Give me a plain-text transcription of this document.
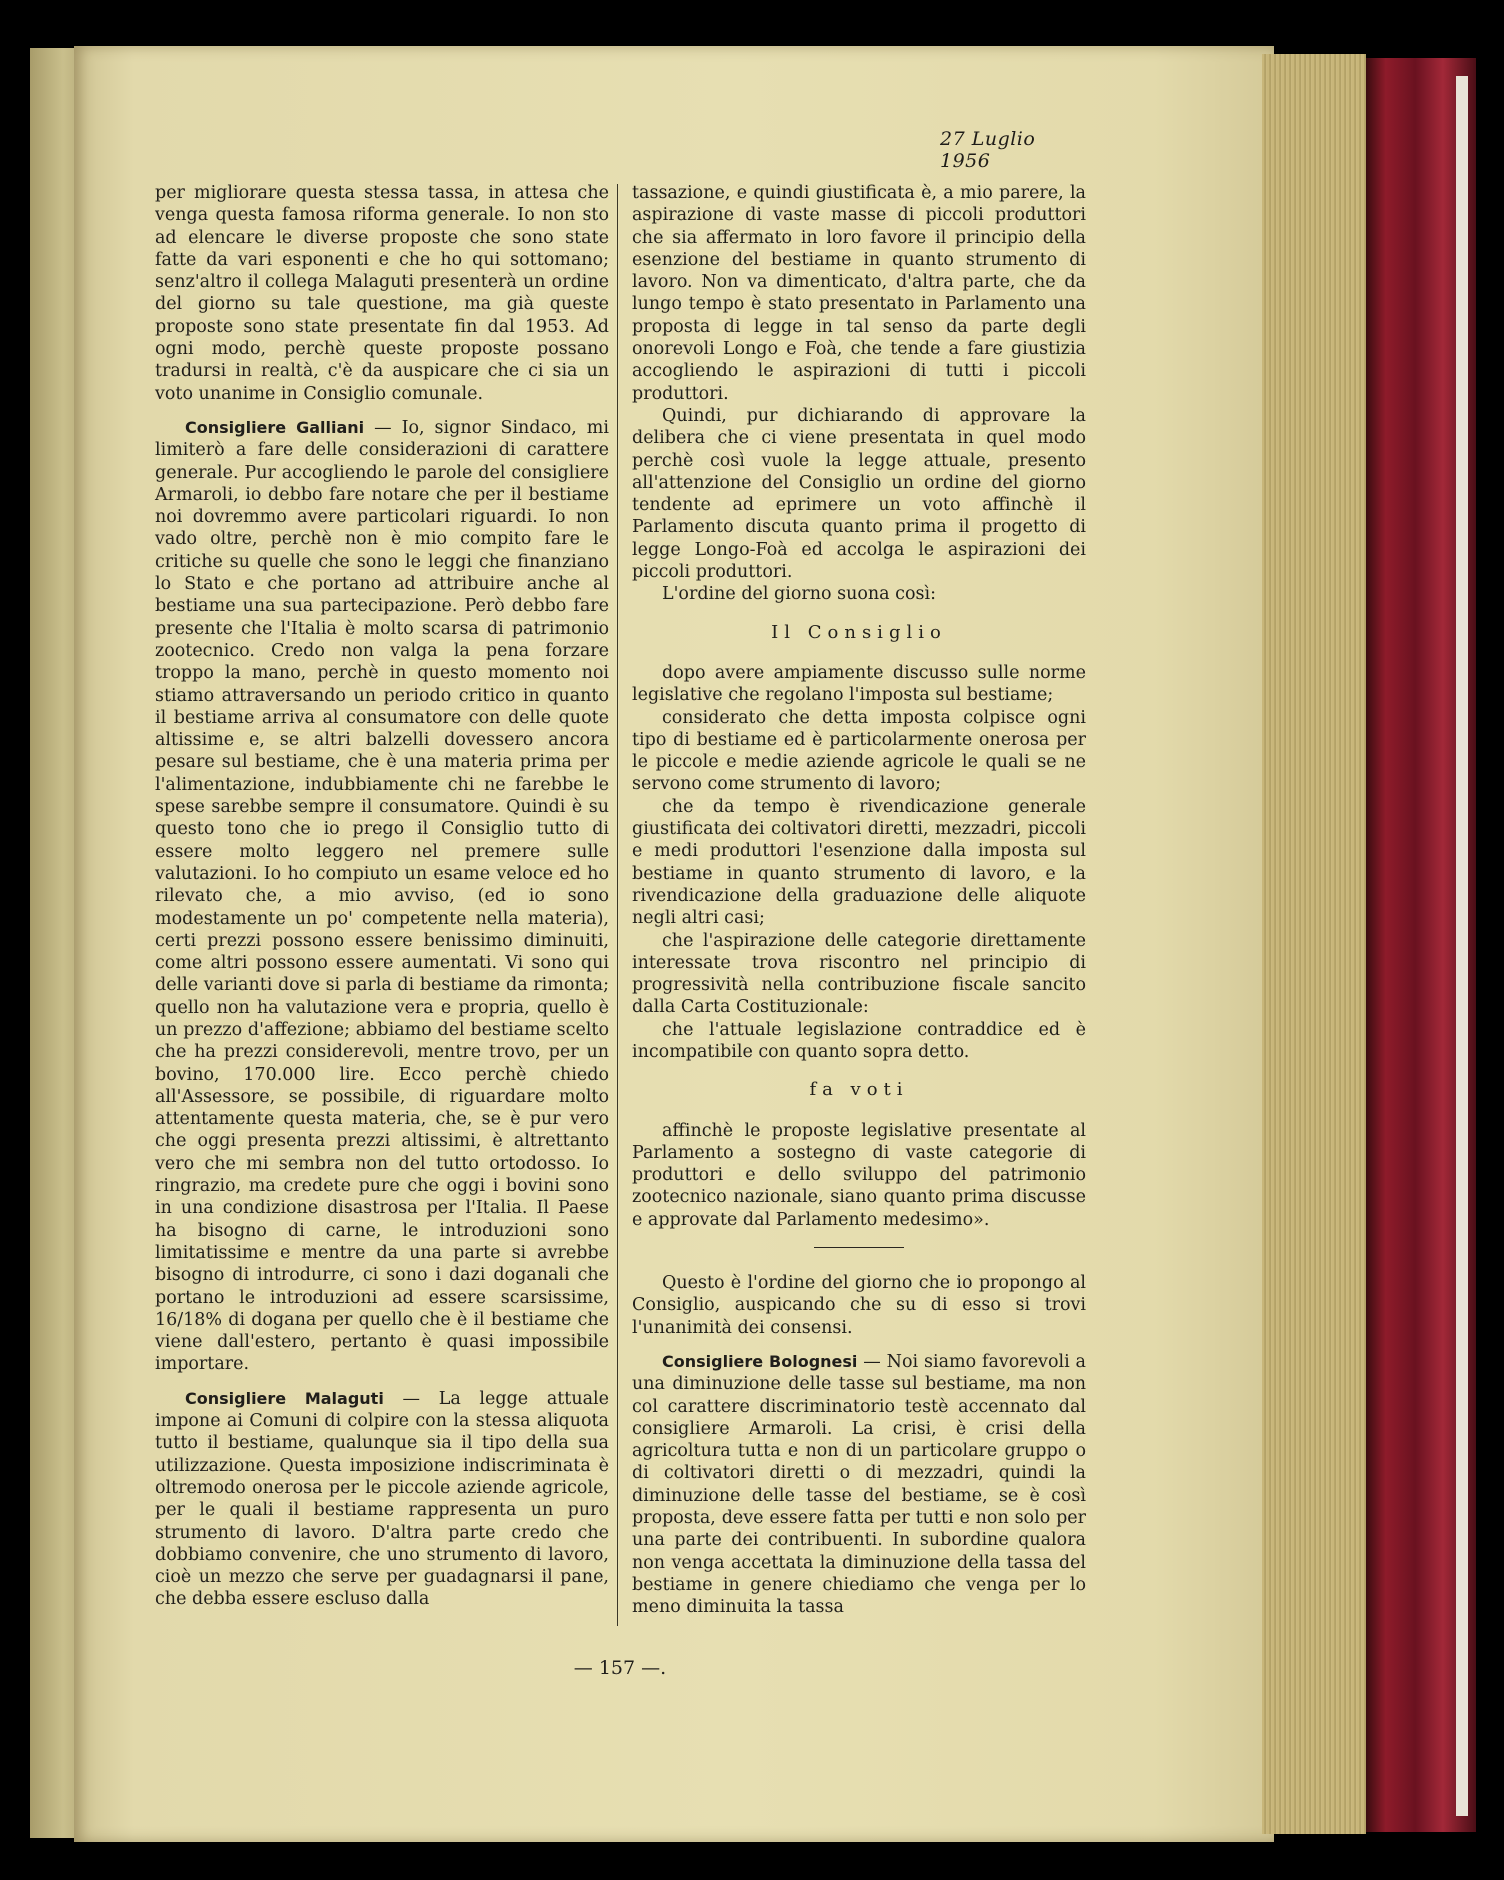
27 Luglio 1956

per migliorare questa stessa tassa, in attesa che venga questa famosa riforma generale. Io non sto ad elencare le diverse proposte che sono state fatte da vari esponenti e che ho qui sottomano; senz'altro il collega Malaguti presenterà un ordine del giorno su tale questione, ma già queste proposte sono state presentate fin dal 1953. Ad ogni modo, perchè queste proposte possano tradursi in realtà, c'è da auspicare che ci sia un voto unanime in Consiglio comunale.

Consigliere Galliani — Io, signor Sindaco, mi limiterò a fare delle considerazioni di carattere generale. Pur accogliendo le parole del consigliere Armaroli, io debbo fare notare che per il bestiame noi dovremmo avere particolari riguardi. Io non vado oltre, perchè non è mio compito fare le critiche su quelle che sono le leggi che finanziano lo Stato e che portano ad attribuire anche al bestiame una sua partecipazione. Però debbo fare presente che l'Italia è molto scarsa di patrimonio zootecnico. Credo non valga la pena forzare troppo la mano, perchè in questo momento noi stiamo attraversando un periodo critico in quanto il bestiame arriva al consumatore con delle quote altissime e, se altri balzelli dovessero ancora pesare sul bestiame, che è una materia prima per l'alimentazione, indubbiamente chi ne farebbe le spese sarebbe sempre il consumatore. Quindi è su questo tono che io prego il Consiglio tutto di essere molto leggero nel premere sulle valutazioni. Io ho compiuto un esame veloce ed ho rilevato che, a mio avviso, (ed io sono modestamente un po' competente nella materia), certi prezzi possono essere benissimo diminuiti, come altri possono essere aumentati. Vi sono qui delle varianti dove si parla di bestiame da rimonta; quello non ha valutazione vera e propria, quello è un prezzo d'affezione; abbiamo del bestiame scelto che ha prezzi considerevoli, mentre trovo, per un bovino, 170.000 lire. Ecco perchè chiedo all'Assessore, se possibile, di riguardare molto attentamente questa materia, che, se è pur vero che oggi presenta prezzi altissimi, è altrettanto vero che mi sembra non del tutto ortodosso. Io ringrazio, ma credete pure che oggi i bovini sono in una condizione disastrosa per l'Italia. Il Paese ha bisogno di carne, le introduzioni sono limitatissime e mentre da una parte si avrebbe bisogno di introdurre, ci sono i dazi doganali che portano le introduzioni ad essere scarsissime, 16/18% di dogana per quello che è il bestiame che viene dall'estero, pertanto è quasi impossibile importare.

Consigliere Malaguti — La legge attuale impone ai Comuni di colpire con la stessa aliquota tutto il bestiame, qualunque sia il tipo della sua utilizzazione. Questa imposizione indiscriminata è oltremodo onerosa per le piccole aziende agricole, per le quali il bestiame rappresenta un puro strumento di lavoro. D'altra parte credo che dobbiamo convenire, che uno strumento di lavoro, cioè un mezzo che serve per guadagnarsi il pane, che debba essere escluso dalla

tassazione, e quindi giustificata è, a mio parere, la aspirazione di vaste masse di piccoli produttori che sia affermato in loro favore il principio della esenzione del bestiame in quanto strumento di lavoro. Non va dimenticato, d'altra parte, che da lungo tempo è stato presentato in Parlamento una proposta di legge in tal senso da parte degli onorevoli Longo e Foà, che tende a fare giustizia accogliendo le aspirazioni di tutti i piccoli produttori.

Quindi, pur dichiarando di approvare la delibera che ci viene presentata in quel modo perchè così vuole la legge attuale, presento all'attenzione del Consiglio un ordine del giorno tendente ad eprimere un voto affinchè il Parlamento discuta quanto prima il progetto di legge Longo-Foà ed accolga le aspirazioni dei piccoli produttori.

L'ordine del giorno suona così:

Il Consiglio

dopo avere ampiamente discusso sulle norme legislative che regolano l'imposta sul bestiame;

considerato che detta imposta colpisce ogni tipo di bestiame ed è particolarmente onerosa per le piccole e medie aziende agricole le quali se ne servono come strumento di lavoro;

che da tempo è rivendicazione generale giustificata dei coltivatori diretti, mezzadri, piccoli e medi produttori l'esenzione dalla imposta sul bestiame in quanto strumento di lavoro, e la rivendicazione della graduazione delle aliquote negli altri casi;

che l'aspirazione delle categorie direttamente interessate trova riscontro nel principio di progressività nella contribuzione fiscale sancito dalla Carta Costituzionale:

che l'attuale legislazione contraddice ed è incompatibile con quanto sopra detto.

fa voti

affinchè le proposte legislative presentate al Parlamento a sostegno di vaste categorie di produttori e dello sviluppo del patrimonio zootecnico nazionale, siano quanto prima discusse e approvate dal Parlamento medesimo».

Questo è l'ordine del giorno che io propongo al Consiglio, auspicando che su di esso si trovi l'unanimità dei consensi.

Consigliere Bolognesi — Noi siamo favorevoli a una diminuzione delle tasse sul bestiame, ma non col carattere discriminatorio testè accennato dal consigliere Armaroli. La crisi, è crisi della agricoltura tutta e non di un particolare gruppo o di coltivatori diretti o di mezzadri, quindi la diminuzione delle tasse del bestiame, se è così proposta, deve essere fatta per tutti e non solo per una parte dei contribuenti. In subordine qualora non venga accettata la diminuzione della tassa del bestiame in genere chiediamo che venga per lo meno diminuita la tassa

— 157 —.
